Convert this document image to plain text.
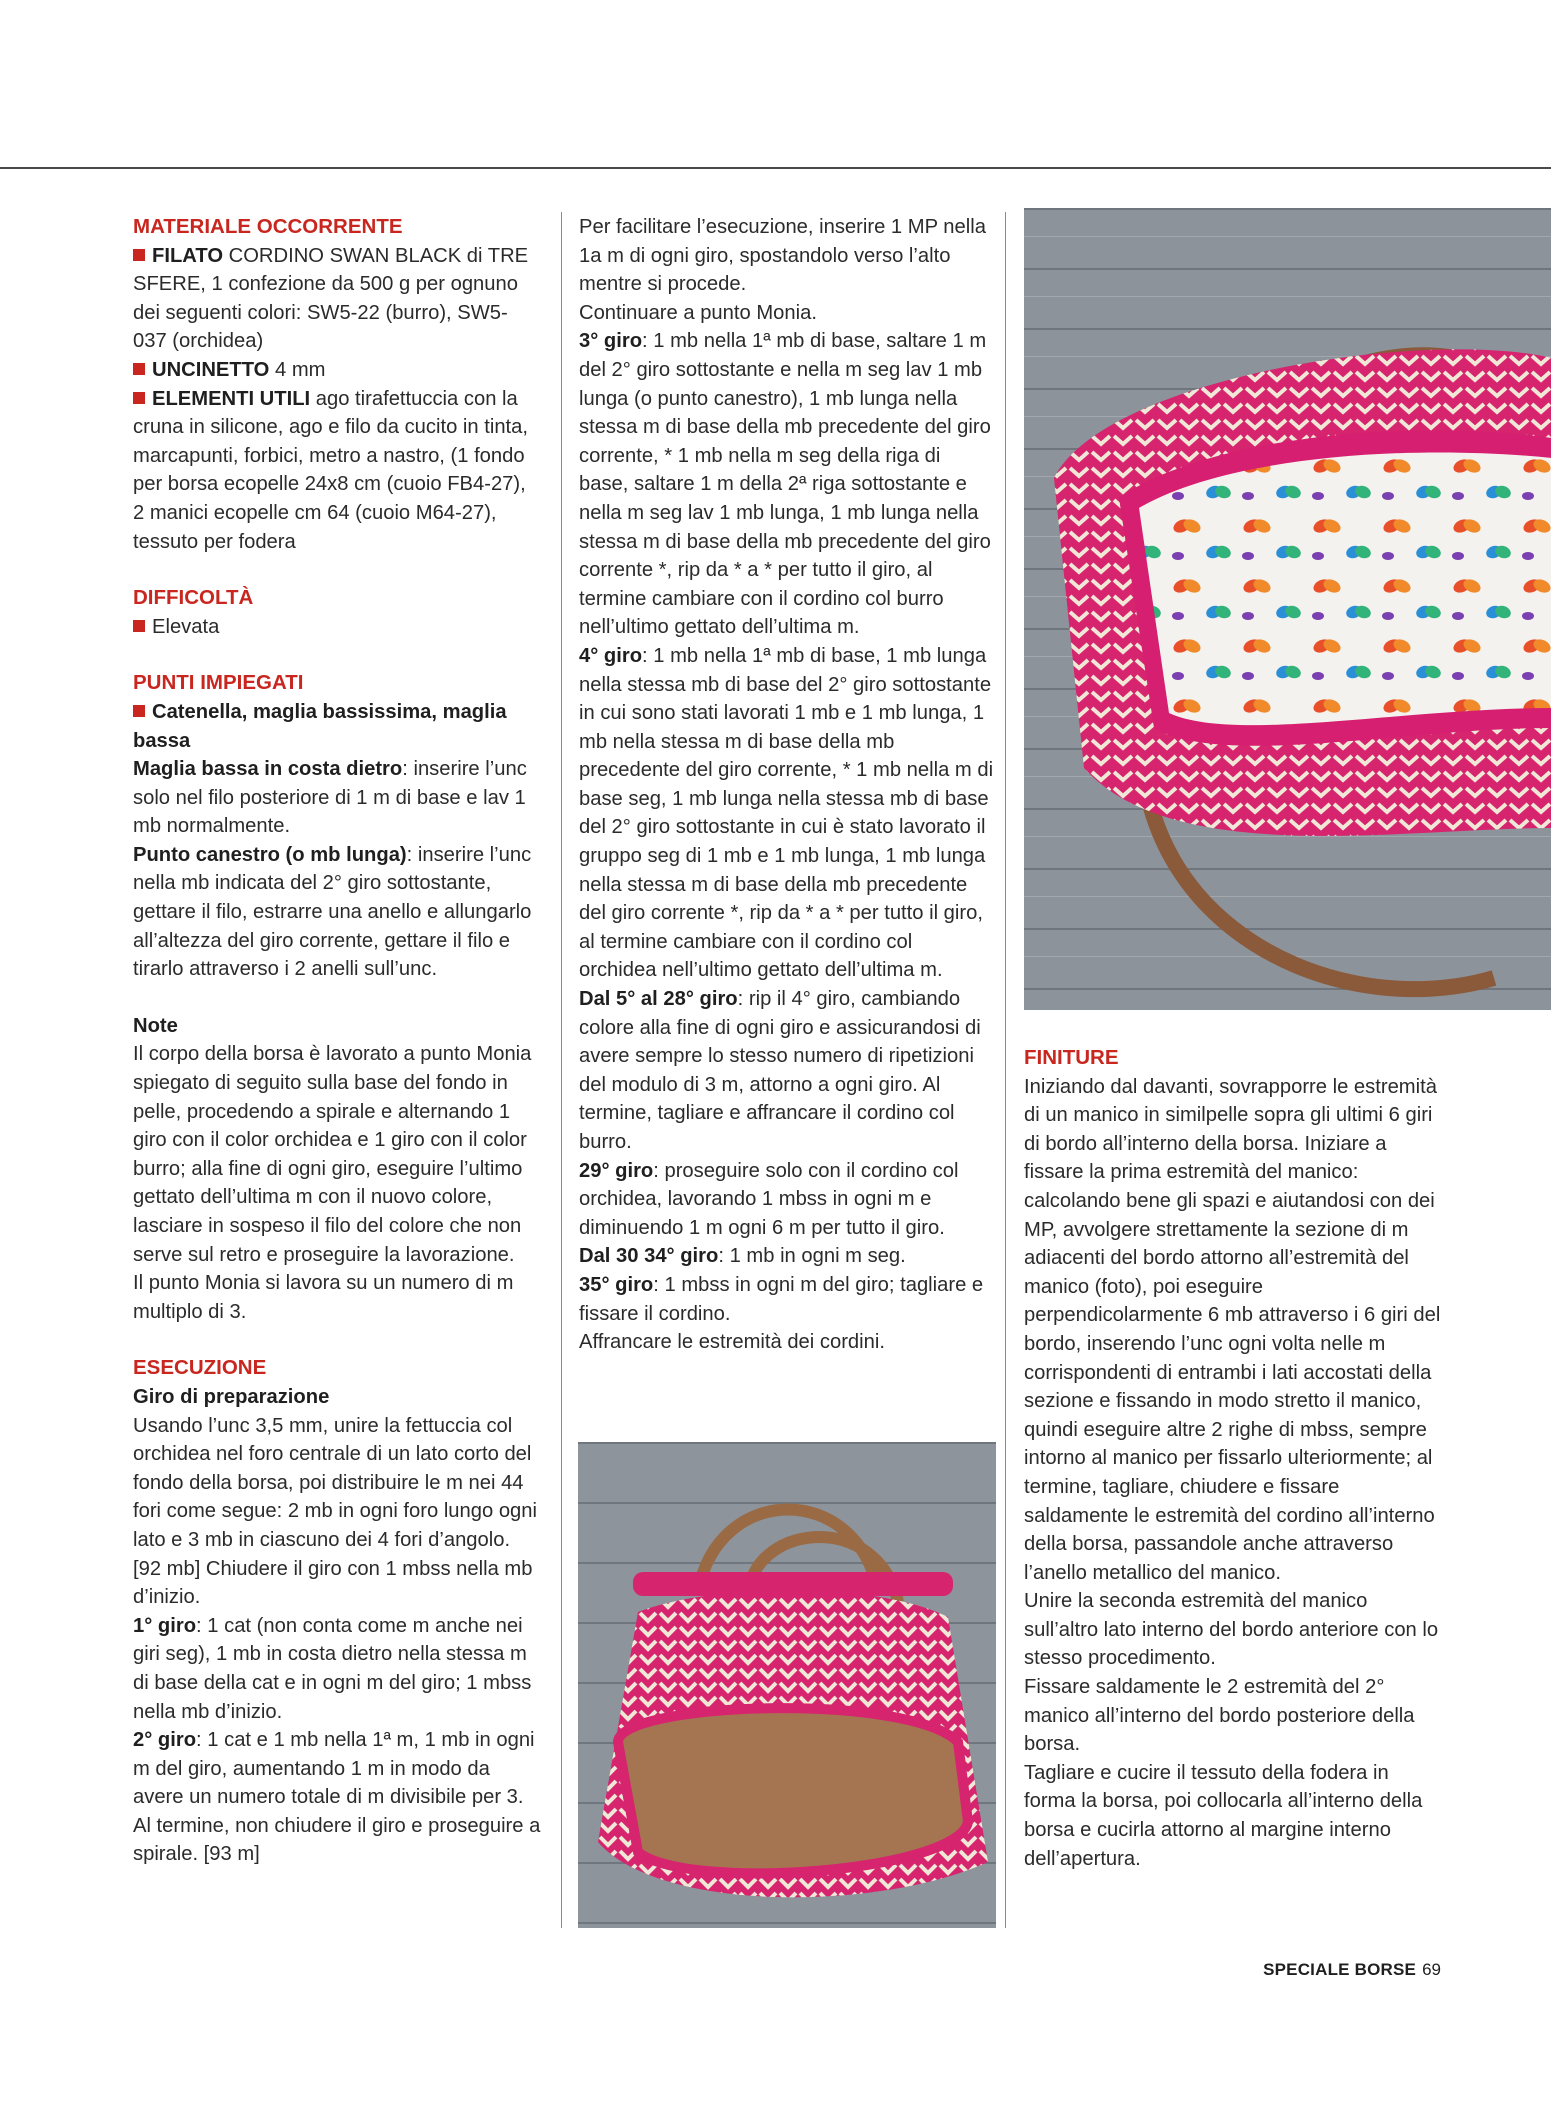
MATERIALE OCCORRENTE

FILATO CORDINO SWAN BLACK di TRE SFERE, 1 confezione da 500 g per ognuno dei seguenti colori: SW5-22 (burro), SW5-037 (orchidea)

UNCINETTO 4 mm

ELEMENTI UTILI ago tirafettuccia con la cruna in silicone, ago e filo da cucito in tinta, marcapunti, forbici, metro a nastro, (1 fondo per borsa ecopelle 24x8 cm (cuoio FB4-27), 2 manici ecopelle cm 64 (cuoio M64-27), tessuto per fodera

DIFFICOLTÀ

Elevata

PUNTI IMPIEGATI

Catenella, maglia bassissima, maglia bassa

Maglia bassa in costa dietro: inserire l’unc solo nel filo posteriore di 1 m di base e lav 1 mb normalmente.

Punto canestro (o mb lunga): inserire l’unc nella mb indicata del 2° giro sottostante, gettare il filo, estrarre una anello e allungarlo all’altezza del giro corrente, gettare il filo e tirarlo attraverso i 2 anelli sull’unc.

Note

Il corpo della borsa è lavorato a punto Monia spiegato di seguito sulla base del fondo in pelle, procedendo a spirale e alternando 1 giro con il color orchidea e 1 giro con il color burro; alla fine di ogni giro, eseguire l’ultimo gettato dell’ultima m con il nuovo colore, lasciare in sospeso il filo del colore che non serve sul retro e proseguire la lavorazione.

Il punto Monia si lavora su un numero di m multiplo di 3.

ESECUZIONE

Giro di preparazione

Usando l’unc 3,5 mm, unire la fettuccia col orchidea nel foro centrale di un lato corto del fondo della borsa, poi distribuire le m nei 44 fori come segue: 2 mb in ogni foro lungo ogni lato e 3 mb in ciascuno dei 4 fori d’angolo. [92 mb] Chiudere il giro con 1 mbss nella mb d’inizio.

1° giro: 1 cat (non conta come m anche nei giri seg), 1 mb in costa dietro nella stessa m di base della cat e in ogni m del giro; 1 mbss nella mb d’inizio.

2° giro: 1 cat e 1 mb nella 1ª m, 1 mb in ogni m del giro, aumentando 1 m in modo da avere un numero totale di m divisibile per 3. Al termine, non chiudere il giro e proseguire a spirale. [93 m]

Per facilitare l’esecuzione, inserire 1 MP nella 1a m di ogni giro, spostandolo verso l’alto mentre si procede.

Continuare a punto Monia.

3° giro: 1 mb nella 1ª mb di base, saltare 1 m del 2° giro sottostante e nella m seg lav 1 mb lunga (o punto canestro), 1 mb lunga nella stessa m di base della mb precedente del giro corrente, * 1 mb nella m seg della riga di base, saltare 1 m della 2ª riga sottostante e nella m seg lav 1 mb lunga, 1 mb lunga nella stessa m di base della mb precedente del giro corrente *, rip da * a * per tutto il giro, al termine cambiare con il cordino col burro nell’ultimo gettato dell’ultima m.

4° giro: 1 mb nella 1ª mb di base, 1 mb lunga nella stessa mb di base del 2° giro sottostante in cui sono stati lavorati 1 mb e 1 mb lunga, 1 mb nella stessa m di base della mb precedente del giro corrente, * 1 mb nella m di base seg, 1 mb lunga nella stessa mb di base del 2° giro sottostante in cui è stato lavorato il gruppo seg di 1 mb e 1 mb lunga, 1 mb lunga nella stessa m di base della mb precedente del giro corrente *, rip da * a * per tutto il giro, al termine cambiare con il cordino col orchidea nell’ultimo gettato dell’ultima m.

Dal 5° al 28° giro: rip il 4° giro, cambiando colore alla fine di ogni giro e assicurandosi di avere sempre lo stesso numero di ripetizioni del modulo di 3 m, attorno a ogni giro. Al termine, tagliare e affrancare il cordino col burro.

29° giro: proseguire solo con il cordino col orchidea, lavorando 1 mbss in ogni m e diminuendo 1 m ogni 6 m per tutto il giro.

Dal 30 34° giro: 1 mb in ogni m seg.

35° giro: 1 mbss in ogni m del giro; tagliare e fissare il cordino.

Affrancare le estremità dei cordini.

FINITURE

Iniziando dal davanti, sovrapporre le estremità di un manico in similpelle sopra gli ultimi 6 giri di bordo all’interno della borsa. Iniziare a fissare la prima estremità del manico: calcolando bene gli spazi e aiutandosi con dei MP, avvolgere strettamente la sezione di m adiacenti del bordo attorno all’estremità del manico (foto), poi eseguire perpendicolarmente 6 mb attraverso i 6 giri del bordo, inserendo l’unc ogni volta nelle m corrispondenti di entrambi i lati accostati della sezione e fissando in modo stretto il manico, quindi eseguire altre 2 righe di mbss, sempre intorno al manico per fissarlo ulteriormente; al termine, tagliare, chiudere e fissare saldamente le estremità del cordino all’interno della borsa, passandole anche attraverso l’anello metallico del manico.

Unire la seconda estremità del manico sull’altro lato interno del bordo anteriore con lo stesso procedimento.

Fissare saldamente le 2 estremità del 2° manico all’interno del bordo posteriore della borsa.

Tagliare e cucire il tessuto della fodera in forma la borsa, poi collocarla all’interno della borsa e cucirla attorno al margine interno dell’apertura.

SPECIALE BORSE 69
